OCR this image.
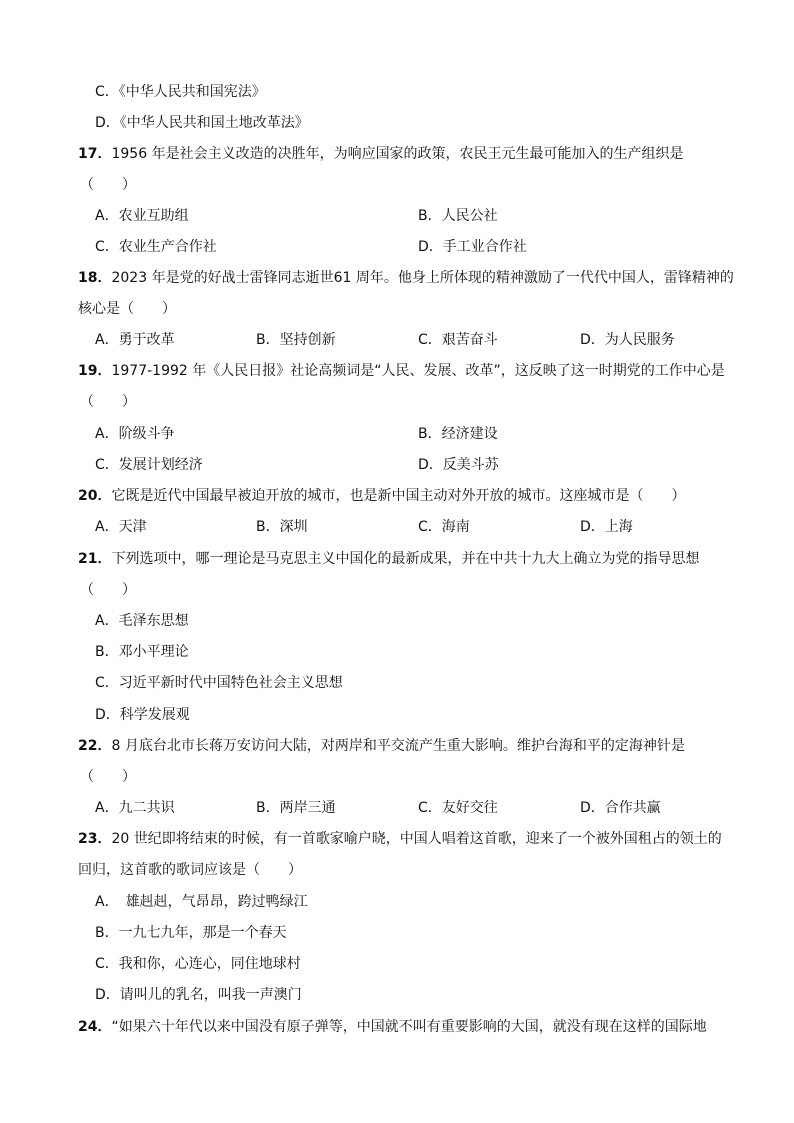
C．《中华人民共和国宪法》
D．《中华人民共和国土地改革法》
17．1956 年是社会主义改造的决胜年，为响应国家的政策，农民王元生最可能加入的生产组织是
（　　）
A．农业互助组	B．人民公社
C．农业生产合作社	D．手工业合作社
18．2023 年是党的好战士雷锋同志逝世61 周年。他身上所体现的精神激励了一代代中国人，雷锋精神的
核心是（　　）
A．勇于改革	B．坚持创新	C．艰苦奋斗	D．为人民服务
19．1977-1992 年《人民日报》社论高频词是“人民、发展、改革”，这反映了这一时期党的工作中心是
（　　）
A．阶级斗争	B．经济建设
C．发展计划经济	D．反美斗苏
20．它既是近代中国最早被迫开放的城市，也是新中国主动对外开放的城市。这座城市是（　　）
A．天津	B．深圳	C．海南	D．上海
21．下列选项中，哪一理论是马克思主义中国化的最新成果，并在中共十九大上确立为党的指导思想
（　　）
A．毛泽东思想
B．邓小平理论
C．习近平新时代中国特色社会主义思想
D．科学发展观
22．8 月底台北市长蒋万安访问大陆，对两岸和平交流产生重大影响。维护台海和平的定海神针是
（　　）
A．九二共识	B．两岸三通	C．友好交往	D．合作共赢
23．20 世纪即将结束的时候，有一首歌家喻户晓，中国人唱着这首歌，迎来了一个被外国租占的领土的
回归，这首歌的歌词应该是（　　）
A．　雄赳赳，气昂昂，跨过鸭绿江
B．一九七九年，那是一个春天
C．我和你，心连心，同住地球村
D．请叫儿的乳名，叫我一声澳门
24．“如果六十年代以来中国没有原子弹等，中国就不叫有重要影响的大国，就没有现在这样的国际地
